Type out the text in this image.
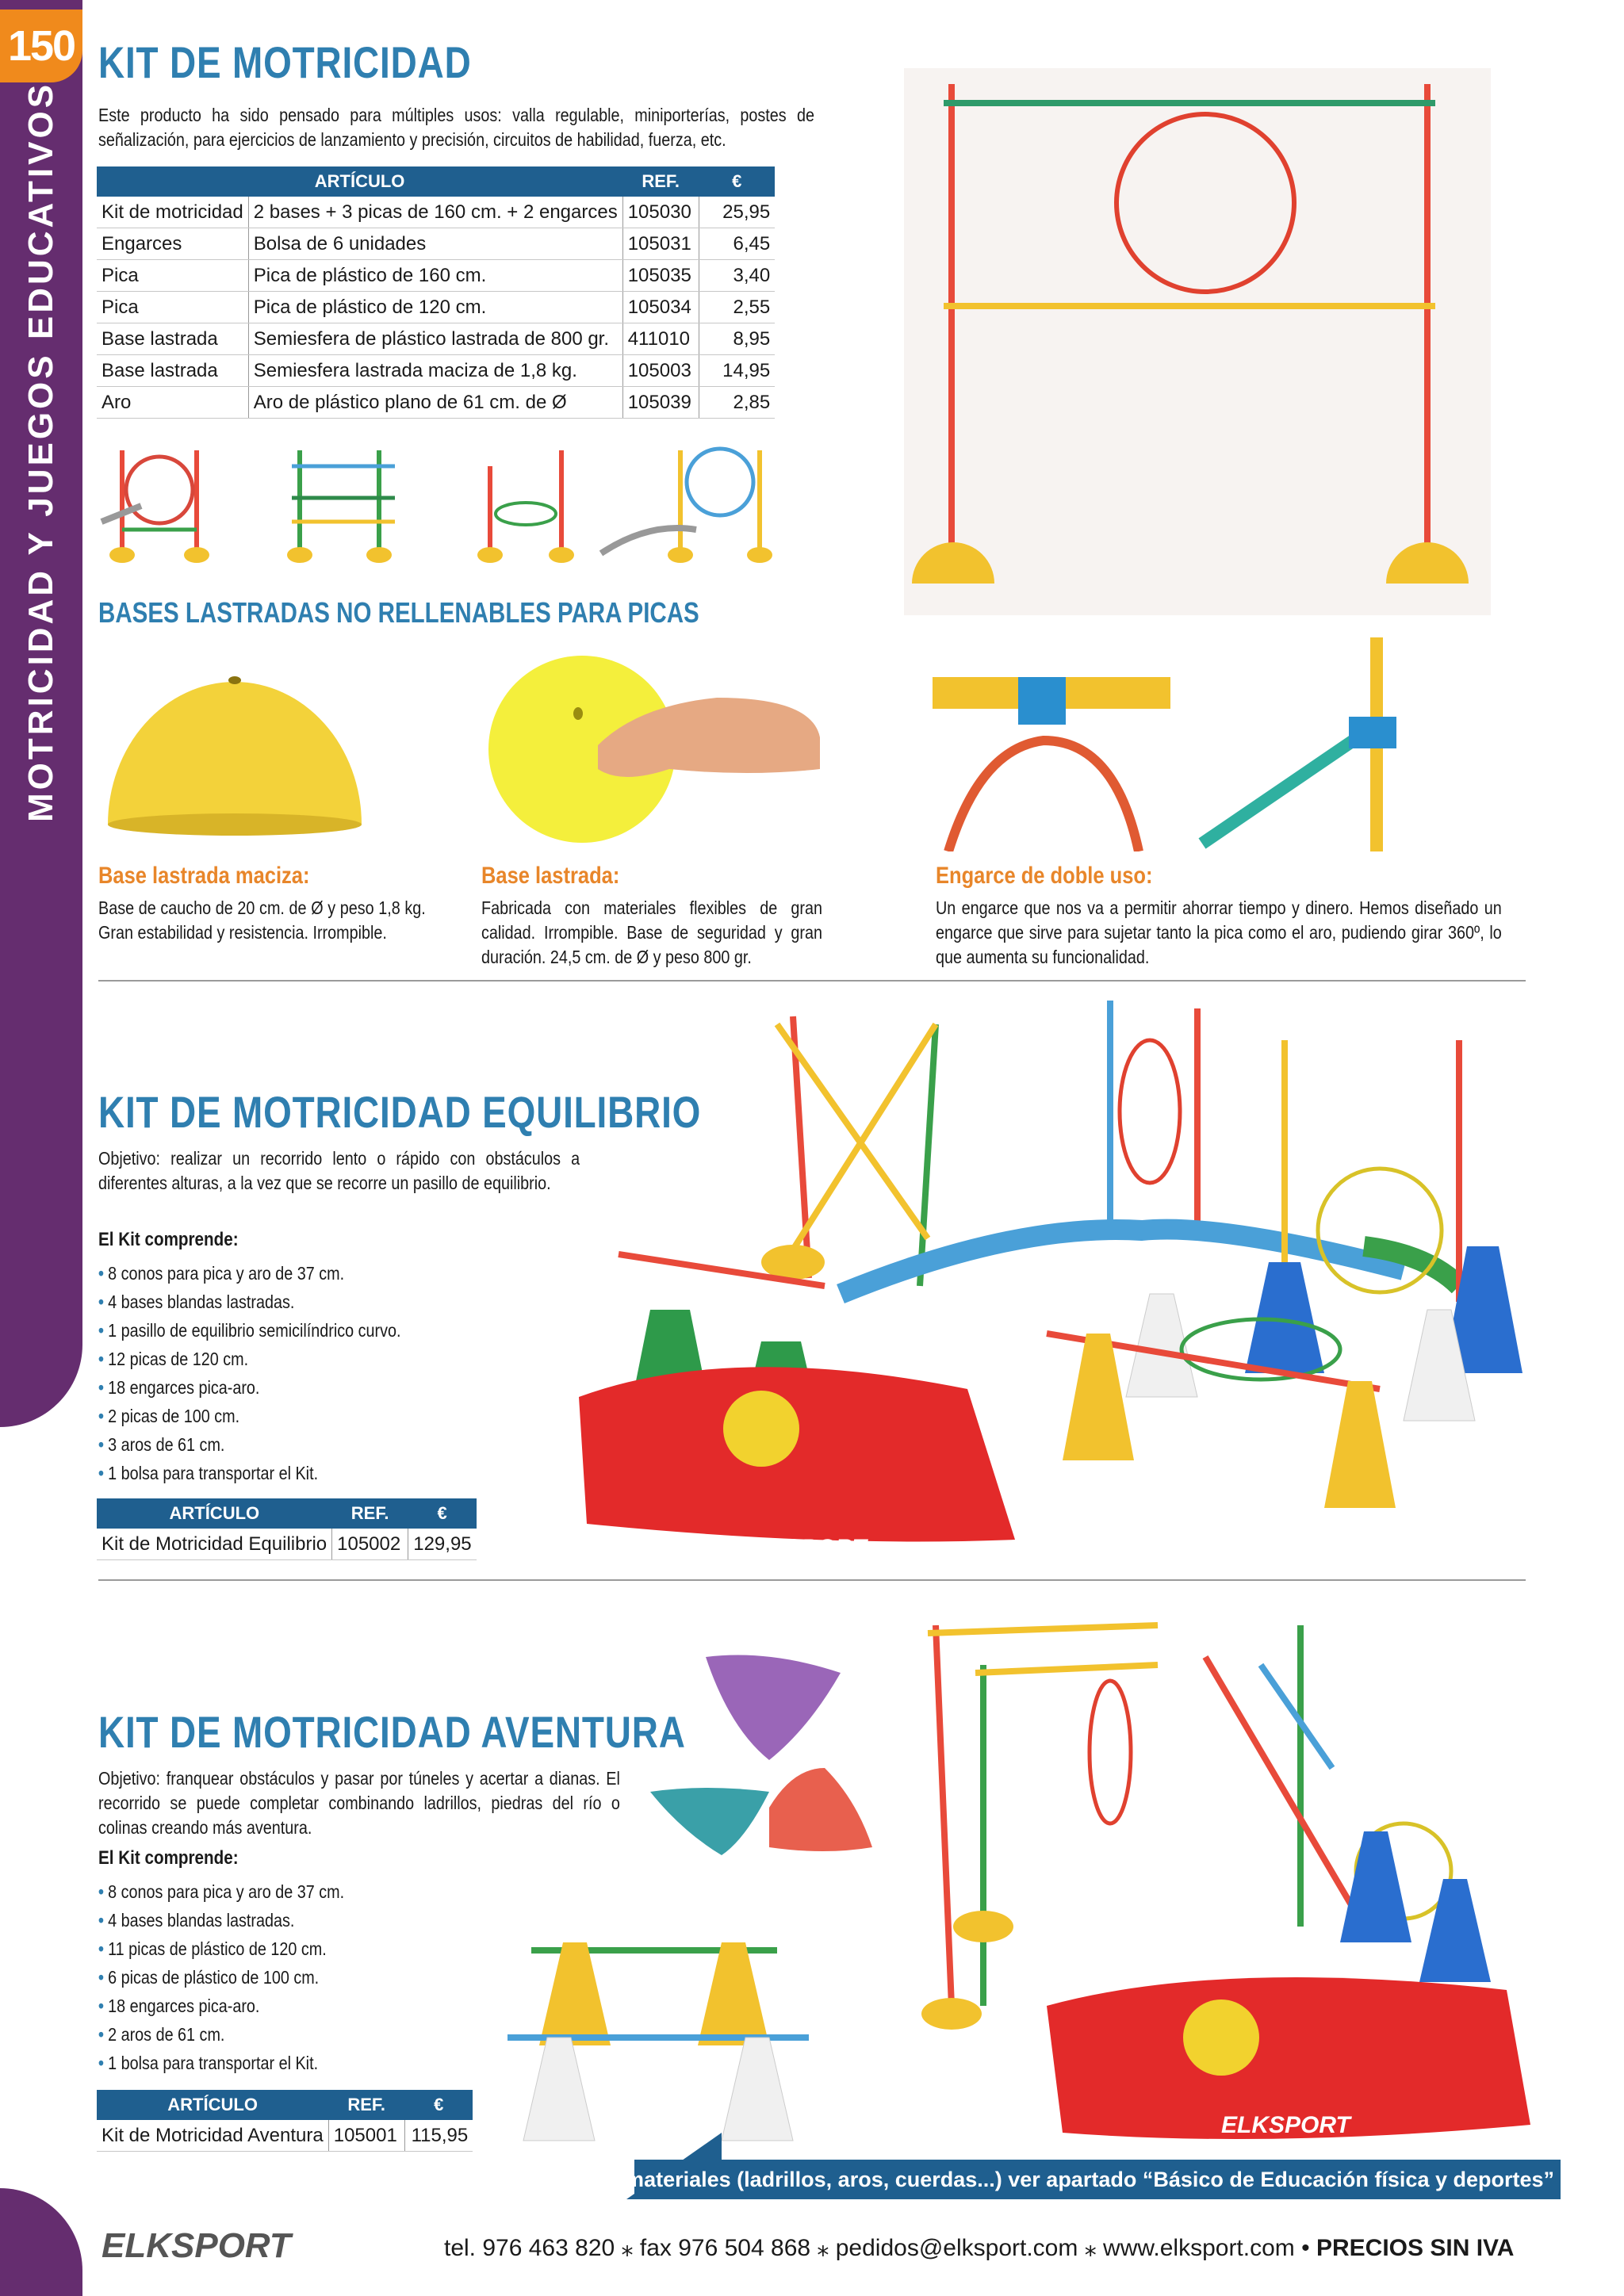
150
MOTRICIDAD Y JUEGOS EDUCATIVOS
KIT DE MOTRICIDAD
Este producto ha sido pensado para múltiples usos: valla regulable, miniporterías, postes de señalización, para ejercicios de lanzamiento y precisión, circuitos de habilidad, fuerza, etc.
ARTÍCULO		REF.	€
Kit de motricidad	2 bases + 3 picas de 160 cm. + 2 engarces	105030	25,95
Engarces	Bolsa de 6 unidades	105031	6,45
Pica	Pica de plástico de 160 cm.	105035	3,40
Pica	Pica de plástico de 120 cm.	105034	2,55
Base lastrada	Semiesfera de plástico lastrada de 800 gr.	411010	8,95
Base lastrada	Semiesfera lastrada maciza de 1,8 kg.	105003	14,95
Aro	Aro de plástico plano de 61 cm. de Ø	105039	2,85
BASES LASTRADAS NO RELLENABLES PARA PICAS
Base lastrada maciza:
Base de caucho de 20 cm. de Ø y peso 1,8 kg. Gran estabilidad y resistencia. Irrompible.
Base lastrada:
Fabricada con materiales flexibles de gran calidad. Irrompible. Base de seguridad y gran duración. 24,5 cm. de Ø y peso 800 gr.
Engarce de doble uso:
Un engarce que nos va a permitir ahorrar tiempo y dinero. Hemos diseñado un engarce que sirve para sujetar tanto la pica como el aro, pudiendo girar 360º, lo que aumenta su funcionalidad.
KIT DE MOTRICIDAD EQUILIBRIO
Objetivo: realizar un recorrido lento o rápido con obstáculos a diferentes alturas, a la vez que se recorre un pasillo de equilibrio.
El Kit comprende:
• 8 conos para pica y aro de 37 cm.
• 4 bases blandas lastradas.
• 1 pasillo de equilibrio semicilíndrico curvo.
• 12 picas de 120 cm.
• 18 engarces pica-aro.
• 2 picas de 100 cm.
• 3 aros de 61 cm.
• 1 bolsa para transportar el Kit.
ARTÍCULO	REF.	€
Kit de Motricidad Equilibrio	105002	129,95	ELKSPORT
KIT DE MOTRICIDAD AVENTURA
Objetivo: franquear obstáculos y pasar por túneles y acertar a dianas. El recorrido se puede completar combinando ladrillos, piedras del río o colinas creando más aventura.
El Kit comprende:
• 8 conos para pica y aro de 37 cm.
• 4 bases blandas lastradas.
• 11 picas de plástico de 120 cm.
• 6 picas de plástico de 100 cm.
• 18 engarces pica-aro.
• 2 aros de 61 cm.
• 1 bolsa para transportar el Kit.
ARTÍCULO	REF.	€
Kit de Motricidad Aventura	105001	115,95	ELKSPORT
Otros materiales (ladrillos, aros, cuerdas...) ver apartado “Básico de Educación física y deportes”
ELKSPORT	tel. 976 463 820 ⁎ fax 976 504 868 ⁎ pedidos@elksport.com ⁎ www.elksport.com • PRECIOS SIN IVA
